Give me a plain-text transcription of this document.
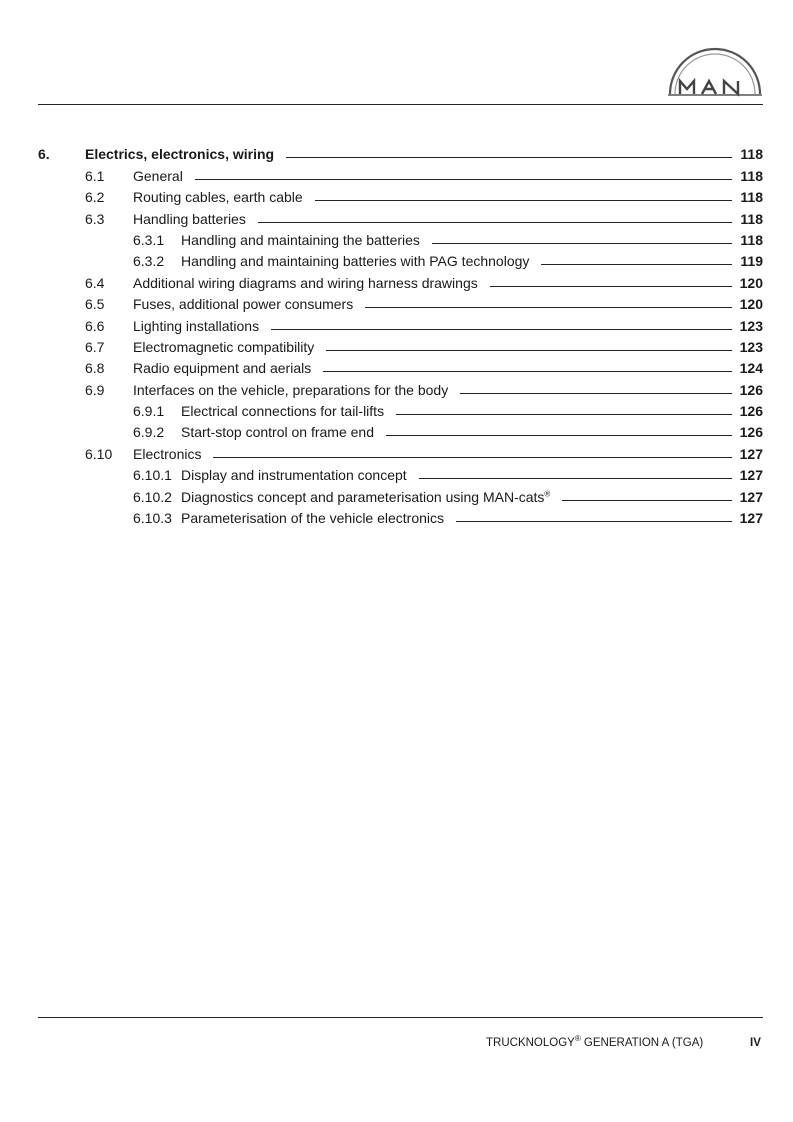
6.	Electrics, electronics, wiring	118
6.1 General	118
6.2 Routing cables, earth cable	118
6.3 Handling batteries	118
6.3.1 Handling and maintaining the batteries	118
6.3.2 Handling and maintaining batteries with PAG technology	119
6.4 Additional wiring diagrams and wiring harness drawings	120
6.5 Fuses, additional power consumers	120
6.6 Lighting installations	123
6.7 Electromagnetic compatibility	123
6.8 Radio equipment and aerials	124
6.9 Interfaces on the vehicle, preparations for the body	126
6.9.1 Electrical connections for tail-lifts	126
6.9.2 Start-stop control on frame end	126
6.10 Electronics	127
6.10.1 Display and instrumentation concept	127
6.10.2 Diagnostics concept and parameterisation using MAN-cats®	127
6.10.3 Parameterisation of the vehicle electronics	127
TRUCKNOLOGY® GENERATION A (TGA)	IV
